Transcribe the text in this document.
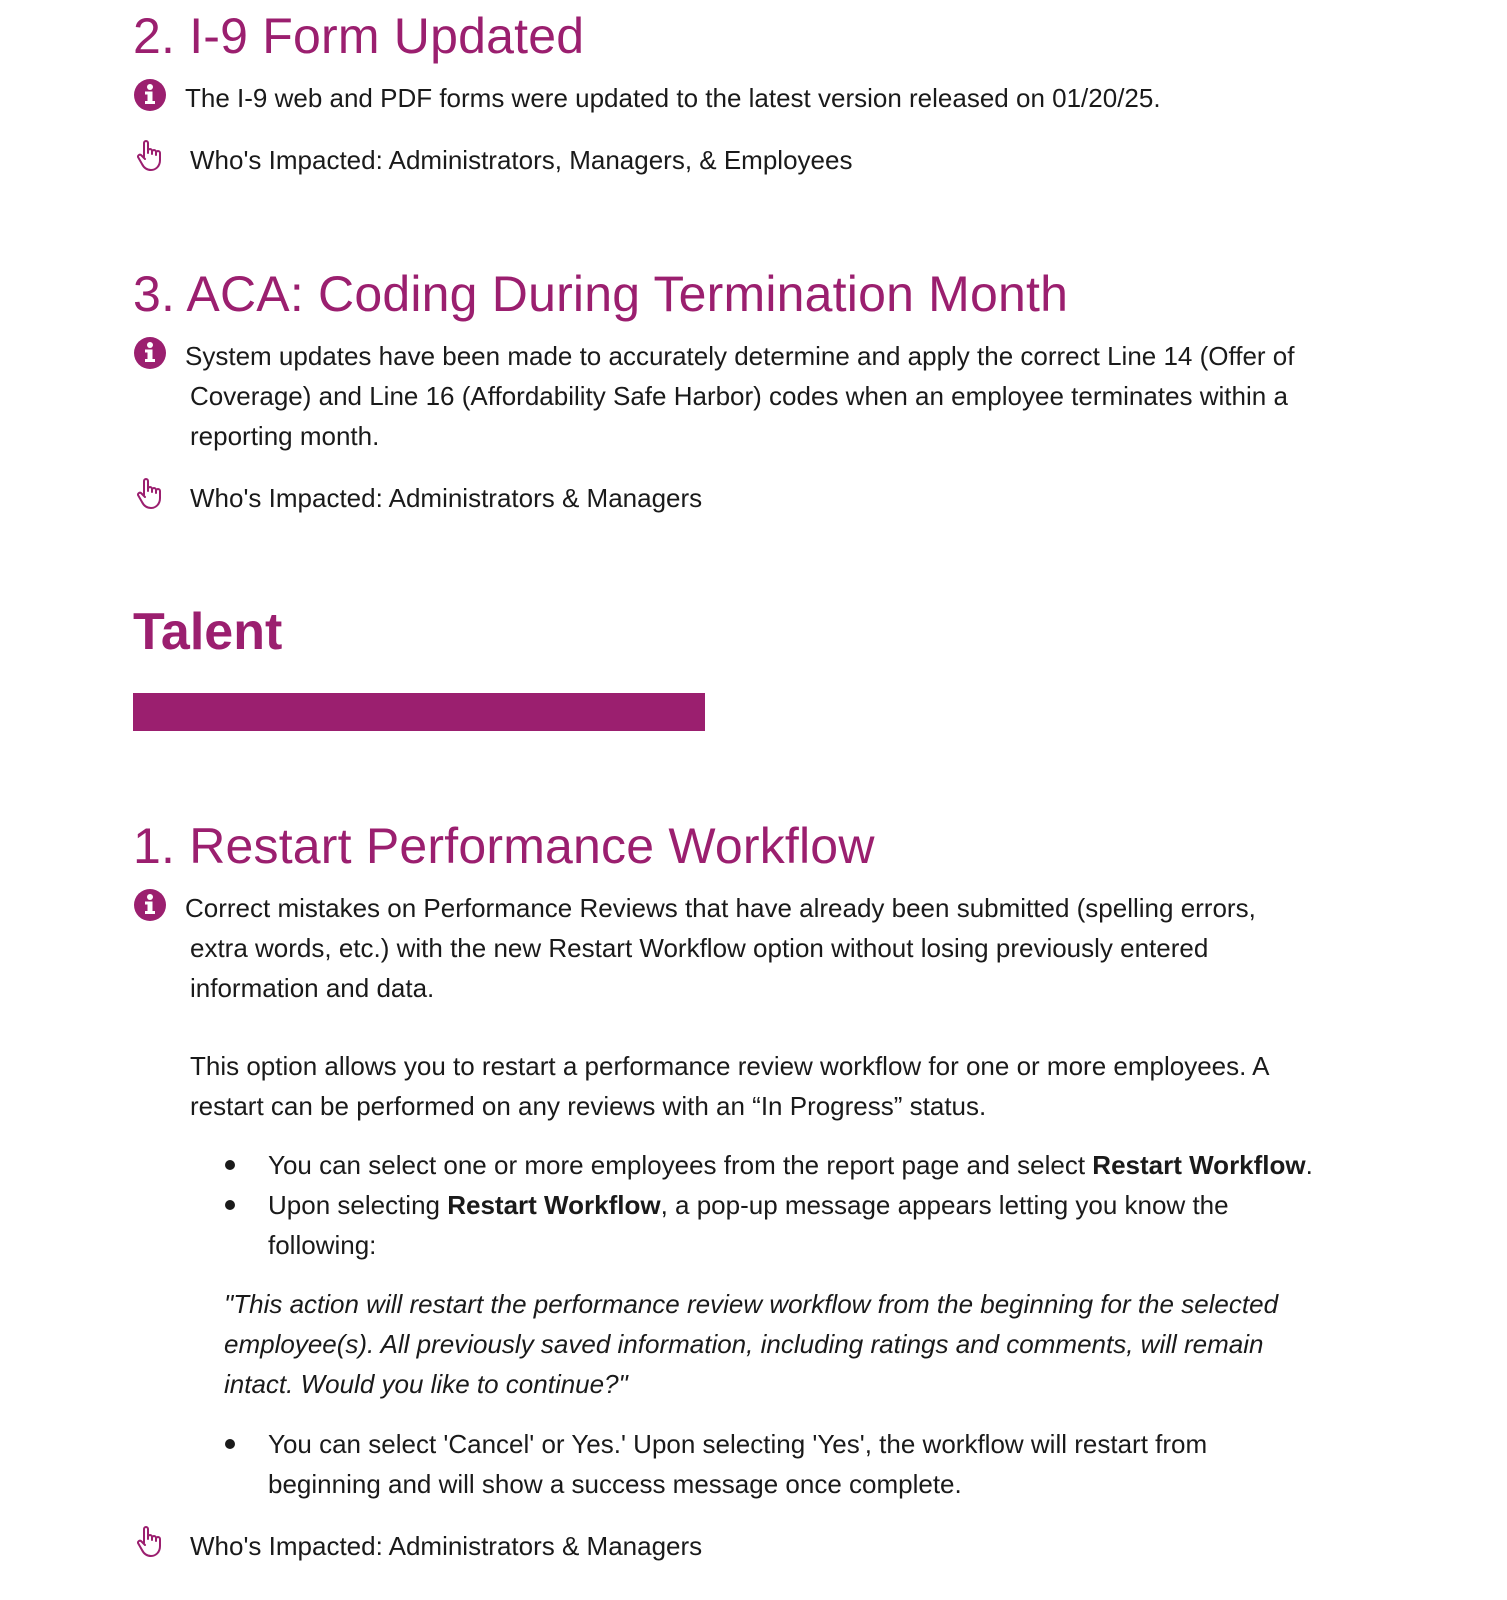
2. I-9 Form Updated
The I-9 web and PDF forms were updated to the latest version released on 01/20/25.
Who's Impacted: Administrators, Managers, & Employees
3. ACA: Coding During Termination Month
System updates have been made to accurately determine and apply the correct Line 14 (Offer of
Coverage) and Line 16 (Affordability Safe Harbor) codes when an employee terminates within a
reporting month.
Who's Impacted: Administrators & Managers
Talent
1. Restart Performance Workflow
Correct mistakes on Performance Reviews that have already been submitted (spelling errors,
extra words, etc.) with the new Restart Workflow option without losing previously entered
information and data.
This option allows you to restart a performance review workflow for one or more employees. A
restart can be performed on any reviews with an “In Progress” status.
You can select one or more employees from the report page and select Restart Workflow.
Upon selecting Restart Workflow, a pop-up message appears letting you know the
following:
"This action will restart the performance review workflow from the beginning for the selected
employee(s). All previously saved information, including ratings and comments, will remain
intact. Would you like to continue?"
You can select 'Cancel' or Yes.' Upon selecting 'Yes', the workflow will restart from
beginning and will show a success message once complete.
Who's Impacted: Administrators & Managers
